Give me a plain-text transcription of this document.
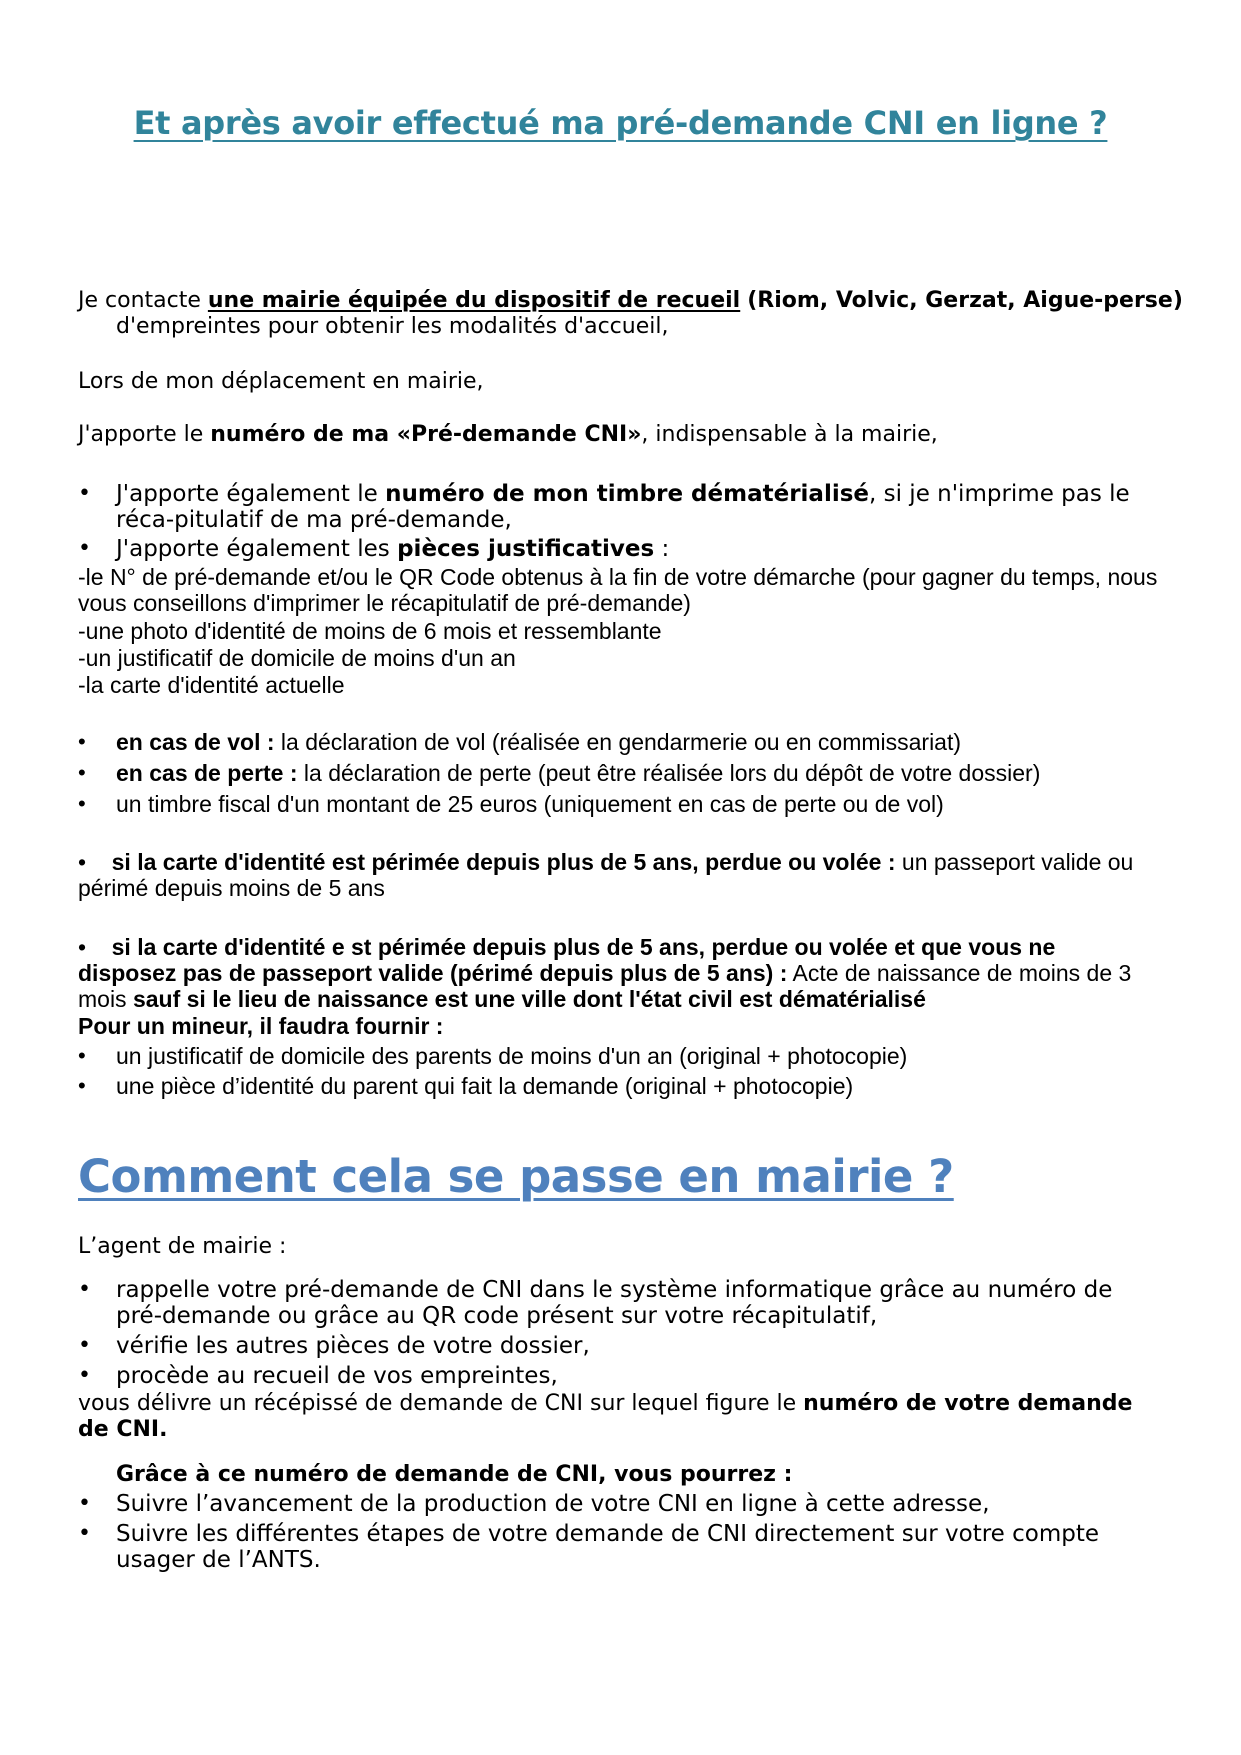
Et après avoir effectué ma pré-demande CNI en ligne ?

Je contacte une mairie équipée du dispositif de recueil (Riom, Volvic, Gerzat, Aigue-perse) d'empreintes pour obtenir les modalités d'accueil,

Lors de mon déplacement en mairie,

J'apporte le numéro de ma «Pré-demande CNI», indispensable à la mairie,

•	J'apporte également le numéro de mon timbre dématérialisé, si je n'imprime pas le réca-pitulatif de ma pré-demande,
•	J'apporte également les pièces justificatives :

-le N° de pré-demande et/ou le QR Code obtenus à la fin de votre démarche (pour gagner du temps, nous vous conseillons d'imprimer le récapitulatif de pré-demande)

-une photo d'identité de moins de 6 mois et ressemblante

-un justificatif de domicile de moins d'un an

-la carte d'identité actuelle

•	en cas de vol : la déclaration de vol (réalisée en gendarmerie ou en commissariat)
•	en cas de perte : la déclaration de perte (peut être réalisée lors du dépôt de votre dossier)
•	un timbre fiscal d'un montant de 25 euros (uniquement en cas de perte ou de vol)

• si la carte d'identité est périmée depuis plus de 5 ans, perdue ou volée : un passeport valide ou périmé depuis moins de 5 ans

• si la carte d'identité e st périmée depuis plus de 5 ans, perdue ou volée et que vous ne disposez pas de passeport valide (périmé depuis plus de 5 ans) : Acte de naissance de moins de 3 mois sauf si le lieu de naissance est une ville dont l'état civil est dématérialisé

Pour un mineur, il faudra fournir :

•	un justificatif de domicile des parents de moins d'un an (original + photocopie)
•	une pièce d’identité du parent qui fait la demande (original + photocopie)
Comment cela se passe en mairie ?

L’agent de mairie :

•	rappelle votre pré-demande de CNI dans le système informatique grâce au numéro de pré-demande ou grâce au QR code présent sur votre récapitulatif,
•	vérifie les autres pièces de votre dossier,
•	procède au recueil de vos empreintes,

vous délivre un récépissé de demande de CNI sur lequel figure le numéro de votre demande de CNI.

Grâce à ce numéro de demande de CNI, vous pourrez :

•	Suivre l’avancement de la production de votre CNI en ligne à cette adresse,
•	Suivre les différentes étapes de votre demande de CNI directement sur votre compte usager de l’ANTS.
